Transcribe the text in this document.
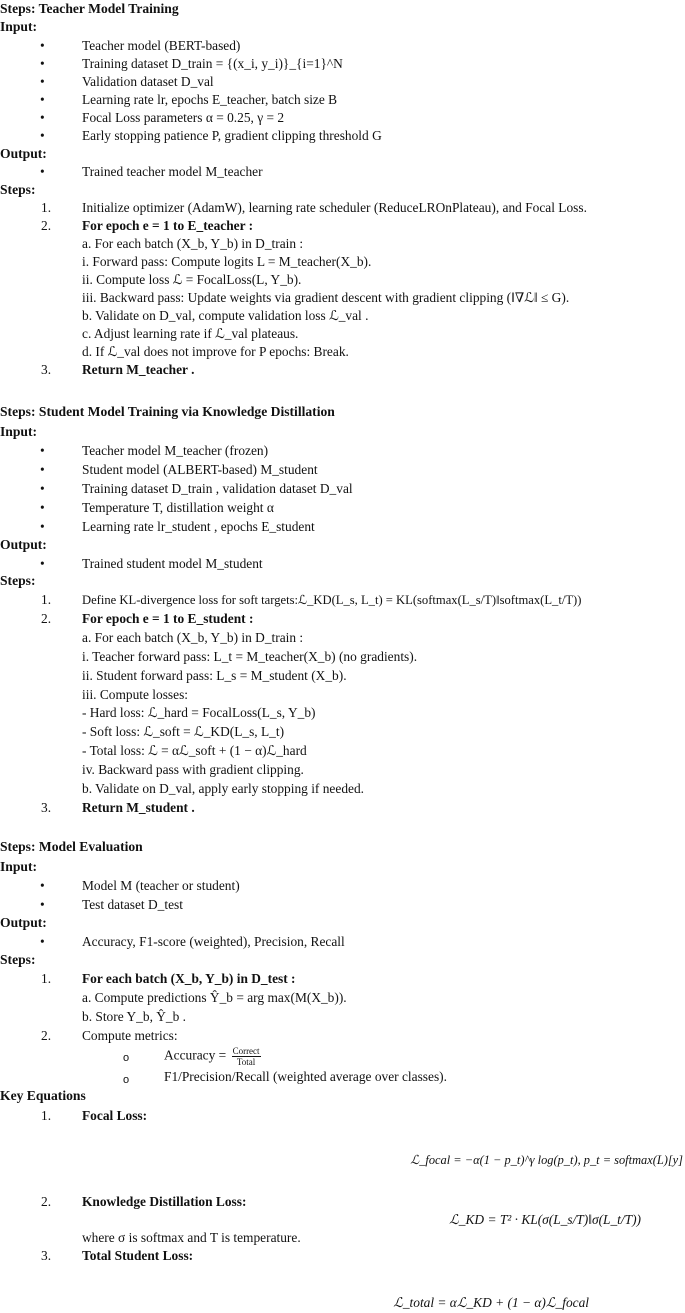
Steps: Teacher Model Training
Input:
• Teacher model (BERT-based)
• Training dataset D_train = {(x_i, y_i)}_{i=1}^N
• Validation dataset D_val
• Learning rate lr, epochs E_teacher, batch size B
• Focal Loss parameters α = 0.25, γ = 2
• Early stopping patience P, gradient clipping threshold G
Output:
• Trained teacher model M_teacher
Steps:
1. Initialize optimizer (AdamW), learning rate scheduler (ReduceLROnPlateau), and Focal Loss.
2. For epoch e = 1 to E_teacher :
a. For each batch (X_b, Y_b) in D_train :
i. Forward pass: Compute logits L = M_teacher(X_b).
ii. Compute loss ℒ = FocalLoss(L, Y_b).
iii. Backward pass: Update weights via gradient descent with gradient clipping (‖∇ℒ‖ ≤ G).
b. Validate on D_val, compute validation loss ℒ_val .
c. Adjust learning rate if ℒ_val plateaus.
d. If ℒ_val does not improve for P epochs: Break.
3. Return M_teacher .
Steps: Student Model Training via Knowledge Distillation
Input:
• Teacher model M_teacher (frozen)
• Student model (ALBERT-based) M_student
• Training dataset D_train , validation dataset D_val
• Temperature T, distillation weight α
• Learning rate lr_student , epochs E_student
Output:
• Trained student model M_student
Steps:
1. Define KL-divergence loss for soft targets:ℒ_KD(L_s, L_t) = KL(softmax(L_s/T)‖softmax(L_t/T))
2. For epoch e = 1 to E_student :
a. For each batch (X_b, Y_b) in D_train :
i. Teacher forward pass: L_t = M_teacher(X_b) (no gradients).
ii. Student forward pass: L_s = M_student (X_b).
iii. Compute losses:
- Hard loss: ℒ_hard = FocalLoss(L_s, Y_b)
- Soft loss: ℒ_soft = ℒ_KD(L_s, L_t)
- Total loss: ℒ = αℒ_soft + (1 − α)ℒ_hard
iv. Backward pass with gradient clipping.
b. Validate on D_val, apply early stopping if needed.
3. Return M_student .
Steps: Model Evaluation
Input:
• Model M (teacher or student)
• Test dataset D_test
Output:
• Accuracy, F1-score (weighted), Precision, Recall
Steps:
1. For each batch (X_b, Y_b) in D_test :
a. Compute predictions Ŷ_b = arg max(M(X_b)).
b. Store Y_b, Ŷ_b .
2. Compute metrics:
o	Accuracy = $\frac{\text{Correct}}{\text{Total}}$
o	F1/Precision/Recall (weighted average over classes).
Key Equations
1. Focal Loss:
ℒ_focal = −α(1 − p_t)^γ log(p_t), p_t = softmax(L)[y]
2. Knowledge Distillation Loss:
ℒ_KD = T² · KL(σ(L_s/T)‖σ(L_t/T))
where σ is softmax and T is temperature.
3. Total Student Loss:
ℒ_total = αℒ_KD + (1 − α)ℒ_focal
